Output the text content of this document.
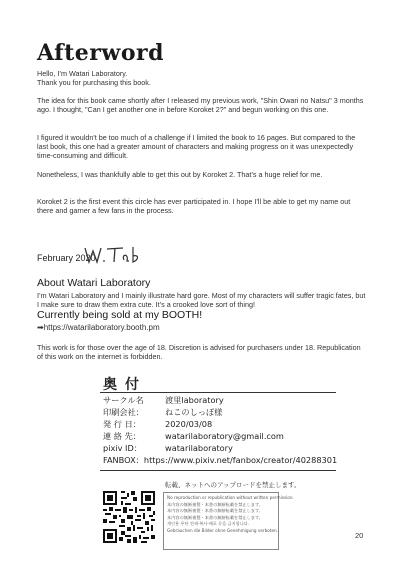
Afterword
Hello, I’m Watari Laboratory.
Thank you for purchasing this book.
The idea for this book came shortly after I released my previous work, "Shin Owari no Natsu" 3 months ago. I thought, "Can I get another one in before Koroket 2?" and begun working on this one.
I figured it wouldn't be too much of a challenge if I limited the book to 16 pages. But compared to the last book, this one had a greater amount of characters and making progress on it was unexpectedly time-consuming and difficult.
Nonetheless, I was thankfully able to get this out by Koroket 2. That’s a huge relief for me.
Koroket 2 is the first event this circle has ever participated in. I hope I’ll be able to get my name out there and garner a few fans in the process.
February 2020
About Watari Laboratory
I’m Watari Laboratory and I mainly illustrate hard gore. Most of my characters will suffer tragic fates, but I make sure to draw them extra cute. It’s a crooked love sort of thing!
Currently being sold at my BOOTH!
➡https://watarilaboratory.booth.pm
This work is for those over the age of 18. Discretion is advised for purchasers under 18. Republication of this work on the internet is forbidden.
奥付
サークル名	渡里laboratory
印刷会社：	ねこのしっぽ様
発 行 日：	2020/03/08
連 絡 先：	watarilaboratory@gmail.com
pixiv ID：	watarilaboratory
FANBOX：https://www.pixiv.net/fanbox/creator/40288301
転載、ネットへのアップロードを禁止します。
No reproduction or republication without written permission.
本内容の無断複製・本書の無断転載を禁止します。
本内容の無断複製・本書の無断転載を禁止します。
本内容の無断複製・本書の無断転載を禁止します。
개인용 무단 전재·복사·배포 등을 금지합니다.
Gebrauchen die Bilder ohne Genehmigung verboten.
20
